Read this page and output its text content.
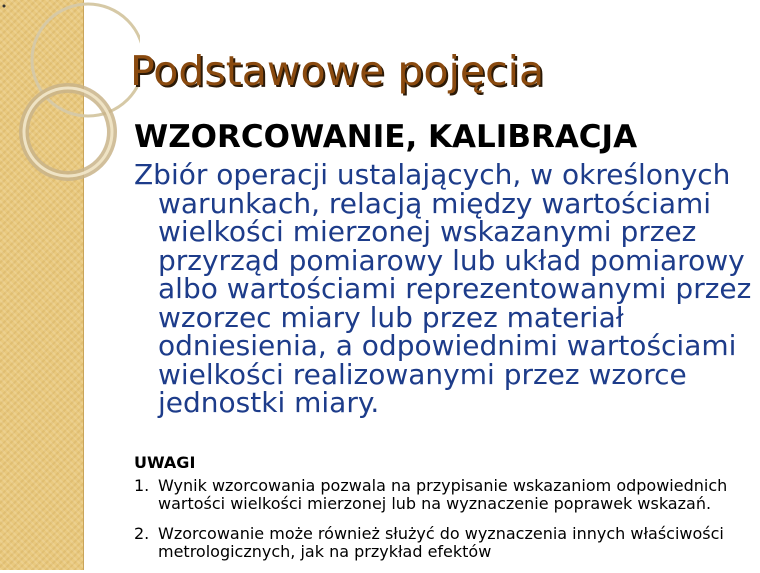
Podstawowe pojęcia
WZORCOWANIE, KALIBRACJA

Zbiór operacji ustalających, w określonych warunkach, relacją między wartościami wielkości mierzonej wskazanymi przez przyrząd pomiarowy lub układ pomiarowy albo wartościami reprezentowanymi przez wzorzec miary lub przez materiał odniesienia, a odpowiednimi wartościami wielkości realizowanymi przez wzorce jednostki miary.

UWAGI

1. Wynik wzorcowania pozwala na przypisanie wskazaniom odpowiednich wartości wielkości mierzonej lub na wyznaczenie poprawek wskazań.
2. Wzorcowanie może również służyć do wyznaczenia innych właściwości metrologicznych, jak na przykład efektów
